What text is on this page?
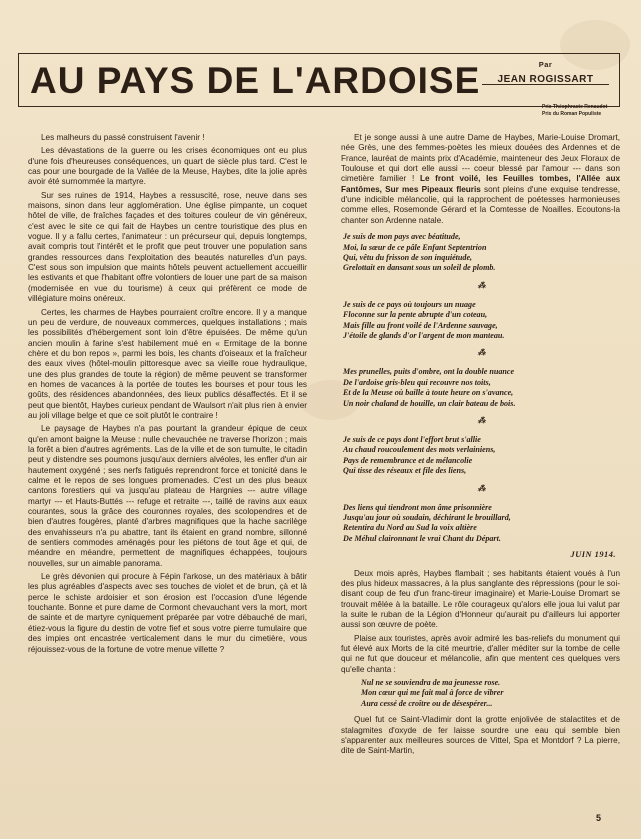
AU PAYS DE L'ARDOISE	Par
JEAN ROGISSART
Prix Théophraste Renaudot
Prix du Roman Populiste

Les malheurs du passé construisent l'avenir !

Les dévastations de la guerre ou les crises économiques ont eu plus d'une fois d'heureuses conséquences, un quart de siècle plus tard. C'est le cas pour une bourgade de la Vallée de la Meuse, Haybes, dite la jolie après avoir été surnommée la martyre.

Sur ses ruines de 1914, Haybes a ressuscité, rose, neuve dans ses maisons, sinon dans leur agglomération. Une église pimpante, un coquet hôtel de ville, de fraîches façades et des toitures couleur de vin généreux, c'est avec le site ce qui fait de Haybes un centre touristique des plus en vogue. Il y a fallu certes, l'animateur : un précurseur qui, depuis longtemps, avait compris tout l'intérêt et le profit que peut trouver une population sans grandes ressources dans l'exploitation des beautés naturelles d'un pays. C'est sous son impulsion que maints hôtels peuvent actuellement accueillir les estivants et que l'habitant offre volontiers de louer une part de sa maison (modernisée en vue du tourisme) à ceux qui préfèrent ce mode de villégiature moins onéreux.

Certes, les charmes de Haybes pourraient croître encore. Il y a manque un peu de verdure, de nouveaux commerces, quelques installations ; mais les possibilités d'hébergement sont loin d'être épuisées. De même qu'un ancien moulin à farine s'est habilement mué en « Ermitage de la bonne chère et du bon repos », parmi les bois, les chants d'oiseaux et la fraîcheur des eaux vives (hôtel-moulin pittoresque avec sa vieille roue hydraulique, une des plus grandes de toute la région) de même peuvent se transformer en homes de vacances à la portée de toutes les bourses et pour tous les goûts, des résidences abandonnées, des lieux publics désaffectés. Et il se peut que bientôt, Haybes curieux pendant de Waulsort n'ait plus rien à envier au joli village belge et que ce soit plutôt le contraire !

Le paysage de Haybes n'a pas pourtant la grandeur épique de ceux qu'en amont baigne la Meuse : nulle chevauchée ne traverse l'horizon ; mais la forêt a bien d'autres agréments. Las de la ville et de son tumulte, le citadin peut y distendre ses poumons jusqu'aux derniers alvéoles, les enfler d'un air hautement oxygéné ; ses nerfs fatigués reprendront force et tonicité dans le calme et le repos de ses longues promenades. C'est un des plus beaux cantons forestiers qui va jusqu'au plateau de Hargnies --- autre village martyr --- et Hauts-Buttés --- refuge et retraite ---, taillé de ravins aux eaux courantes, sous la grâce des couronnes royales, des scolopendres et de bien d'autres fougères, planté d'arbres magnifiques que la hache sacrilège des envahisseurs n'a pu abattre, tant ils étaient en grand nombre, sillonné de sentiers commodes aménagés pour les piétons de tout âge et qui, de méandre en méandre, permettent de magnifiques échappées, toujours nouvelles, sur un aimable panorama.

Le grès dévonien qui procure à Fépin l'arkose, un des matériaux à bâtir les plus agréables d'aspects avec ses touches de violet et de brun, çà et là perce le schiste ardoisier et son érosion est l'occasion d'une légende touchante. Bonne et pure dame de Cormont chevauchant vers la mort, mort de sainte et de martyre cyniquement préparée par votre débauché de mari, étiez-vous la figure du destin de votre fief et sous votre pierre tumulaire que des impies ont encastrée verticalement dans le mur du cimetière, vous réjouissez-vous de la fortune de votre menue villette ?

Et je songe aussi à une autre Dame de Haybes, Marie-Louise Dromart, née Grès, une des femmes-poètes les mieux douées des Ardennes et de France, lauréat de maints prix d'Académie, mainteneur des Jeux Floraux de Toulouse et qui dort elle aussi --- coeur blessé par l'amour --- dans son cimetière familier ! Le front voilé, les Feuilles tombes, l'Allée aux Fantômes, Sur mes Pipeaux fleuris sont pleins d'une exquise tendresse, d'une indicible mélancolie, qui la rapprochent de poétesses harmonieuses comme elles, Rosemonde Gérard et la Comtesse de Noailles. Ecoutons-la chanter son Ardenne natale.

Je suis de mon pays avec béatitude,
Moi, la sœur de ce pâle Enfant Septentrion
Qui, vêtu du frisson de son inquiétude,
Grelottait en dansant sous un soleil de plomb.
⁂
Je suis de ce pays où toujours un nuage
Floconne sur la pente abrupte d'un coteau,
Mais fille au front voilé de l'Ardenne sauvage,
J'étoile de glands d'or l'argent de mon manteau.
⁂
Mes prunelles, puits d'ombre, ont la double nuance
De l'ardoise gris-bleu qui recouvre nos toits,
Et de la Meuse où baille à toute heure on s'avance,
Un noir chaland de houille, un clair bateau de bois.
⁂
Je suis de ce pays dont l'effort brut s'allie
Au chaud roucoulement des mots verlainiens,
Pays de remembrance et de mélancolie
Qui tisse des réseaux et file des liens,
⁂
Des liens qui tiendront mon âme prisonnière
Jusqu'au jour où soudain, déchirant le brouillard,
Retentira du Nord au Sud la voix altière
De Méhul claironnant le vrai Chant du Départ.
JUIN 1914.

Deux mois après, Haybes flambait ; ses habitants étaient voués à l'un des plus hideux massacres, à la plus sanglante des répressions (pour le soi-disant coup de feu d'un franc-tireur imaginaire) et Marie-Louise Dromart se trouvait mêlée à la bataille. Le rôle courageux qu'alors elle joua lui valut par la suite le ruban de la Légion d'Honneur qu'aurait pu d'ailleurs lui apporter aussi son œuvre de poète.

Plaise aux touristes, après avoir admiré les bas-reliefs du monument qui fut élevé aux Morts de la cité meurtrie, d'aller méditer sur la tombe de celle qui ne fut que douceur et mélancolie, afin que mentent ces quelques vers qu'elle chanta :

Nul ne se souviendra de ma jeunesse rose.
Mon cœur qui me fait mal à force de vibrer
Aura cessé de croître ou de désespérer...

Quel fut ce Saint-Vladimir dont la grotte enjolivée de stalactites et de stalagmites d'oxyde de fer laisse sourdre une eau qui semble bien s'apparenter aux meilleures sources de Vittel, Spa et Montdorf ? La pierre, dite de Saint-Martin,

5
